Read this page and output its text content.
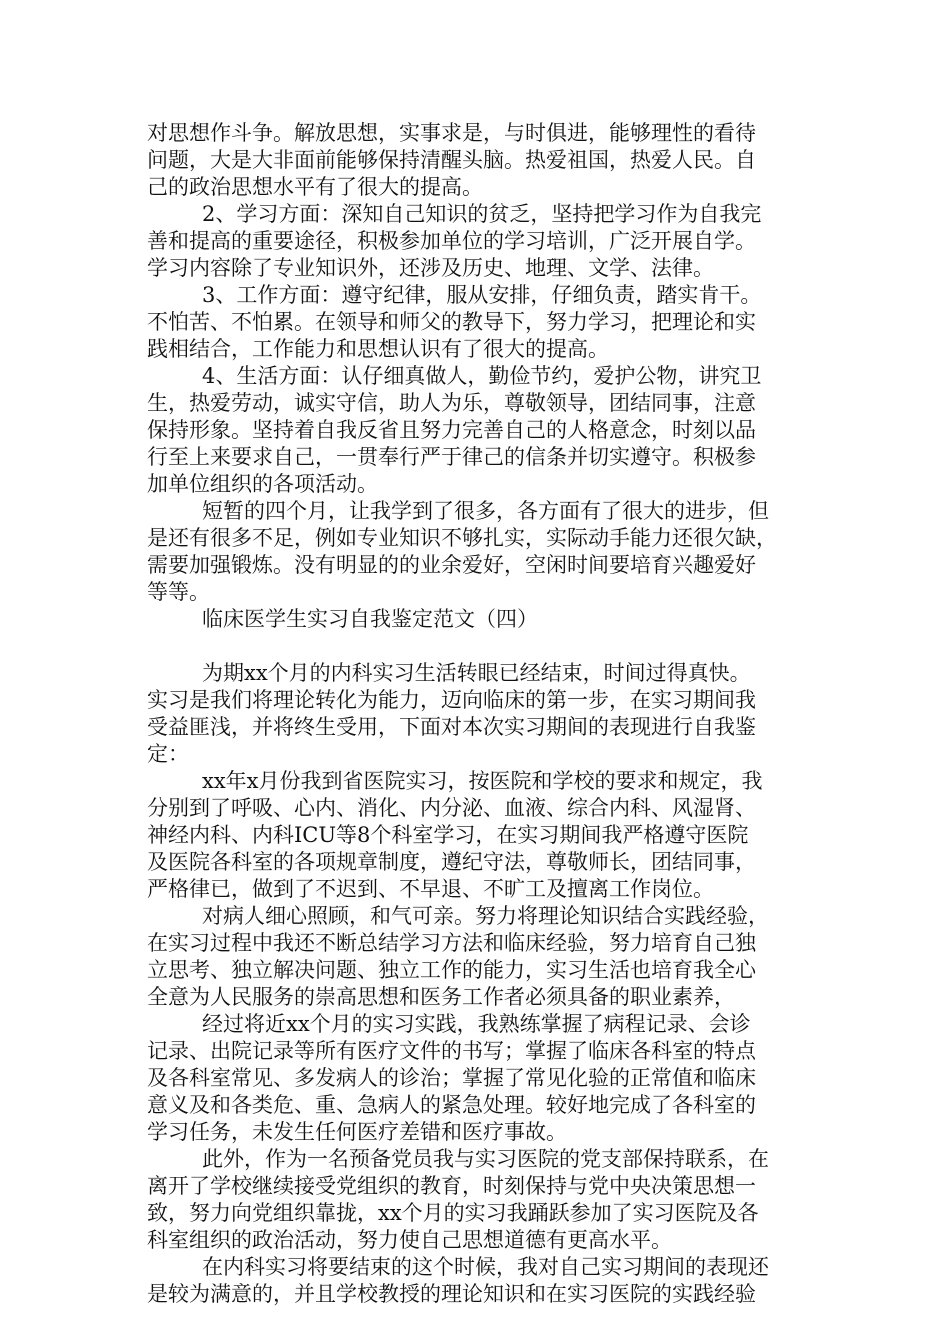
对思想作斗争。解放思想，实事求是，与时俱进，能够理性的看待
问题，大是大非面前能够保持清醒头脑。热爱祖国，热爱人民。自
己的政治思想水平有了很大的提高。
2、学习方面：深知自己知识的贫乏，坚持把学习作为自我完
善和提高的重要途径，积极参加单位的学习培训，广泛开展自学。
学习内容除了专业知识外，还涉及历史、地理、文学、法律。
3、工作方面：遵守纪律，服从安排，仔细负责，踏实肯干。
不怕苦、不怕累。在领导和师父的教导下，努力学习，把理论和实
践相结合，工作能力和思想认识有了很大的提高。
4、生活方面：认仔细真做人，勤俭节约，爱护公物，讲究卫
生，热爱劳动，诚实守信，助人为乐，尊敬领导，团结同事，注意
保持形象。坚持着自我反省且努力完善自己的人格意念，时刻以品
行至上来要求自己，一贯奉行严于律己的信条并切实遵守。积极参
加单位组织的各项活动。
短暂的四个月，让我学到了很多，各方面有了很大的进步，但
是还有很多不足，例如专业知识不够扎实，实际动手能力还很欠缺，
需要加强锻炼。没有明显的的业余爱好，空闲时间要培育兴趣爱好
等等。
临床医学生实习自我鉴定范文（四）
为期xx个月的内科实习生活转眼已经结束，时间过得真快。
实习是我们将理论转化为能力，迈向临床的第一步，在实习期间我
受益匪浅，并将终生受用，下面对本次实习期间的表现进行自我鉴
定：
xx年x月份我到省医院实习，按医院和学校的要求和规定，我
分别到了呼吸、心内、消化、内分泌、血液、综合内科、风湿肾、
神经内科、内科ICU等8个科室学习，在实习期间我严格遵守医院
及医院各科室的各项规章制度，遵纪守法，尊敬师长，团结同事，
严格律已，做到了不迟到、不早退、不旷工及擅离工作岗位。
对病人细心照顾，和气可亲。努力将理论知识结合实践经验，
在实习过程中我还不断总结学习方法和临床经验，努力培育自己独
立思考、独立解决问题、独立工作的能力，实习生活也培育我全心
全意为人民服务的崇高思想和医务工作者必须具备的职业素养，
经过将近xx个月的实习实践，我熟练掌握了病程记录、会诊
记录、出院记录等所有医疗文件的书写；掌握了临床各科室的特点
及各科室常见、多发病人的诊治；掌握了常见化验的正常值和临床
意义及和各类危、重、急病人的紧急处理。较好地完成了各科室的
学习任务，未发生任何医疗差错和医疗事故。
此外，作为一名预备党员我与实习医院的党支部保持联系，在
离开了学校继续接受党组织的教育，时刻保持与党中央决策思想一
致，努力向党组织靠拢，xx个月的实习我踊跃参加了实习医院及各
科室组织的政治活动，努力使自己思想道德有更高水平。
在内科实习将要结束的这个时候，我对自己实习期间的表现还
是较为满意的，并且学校教授的理论知识和在实习医院的实践经验
